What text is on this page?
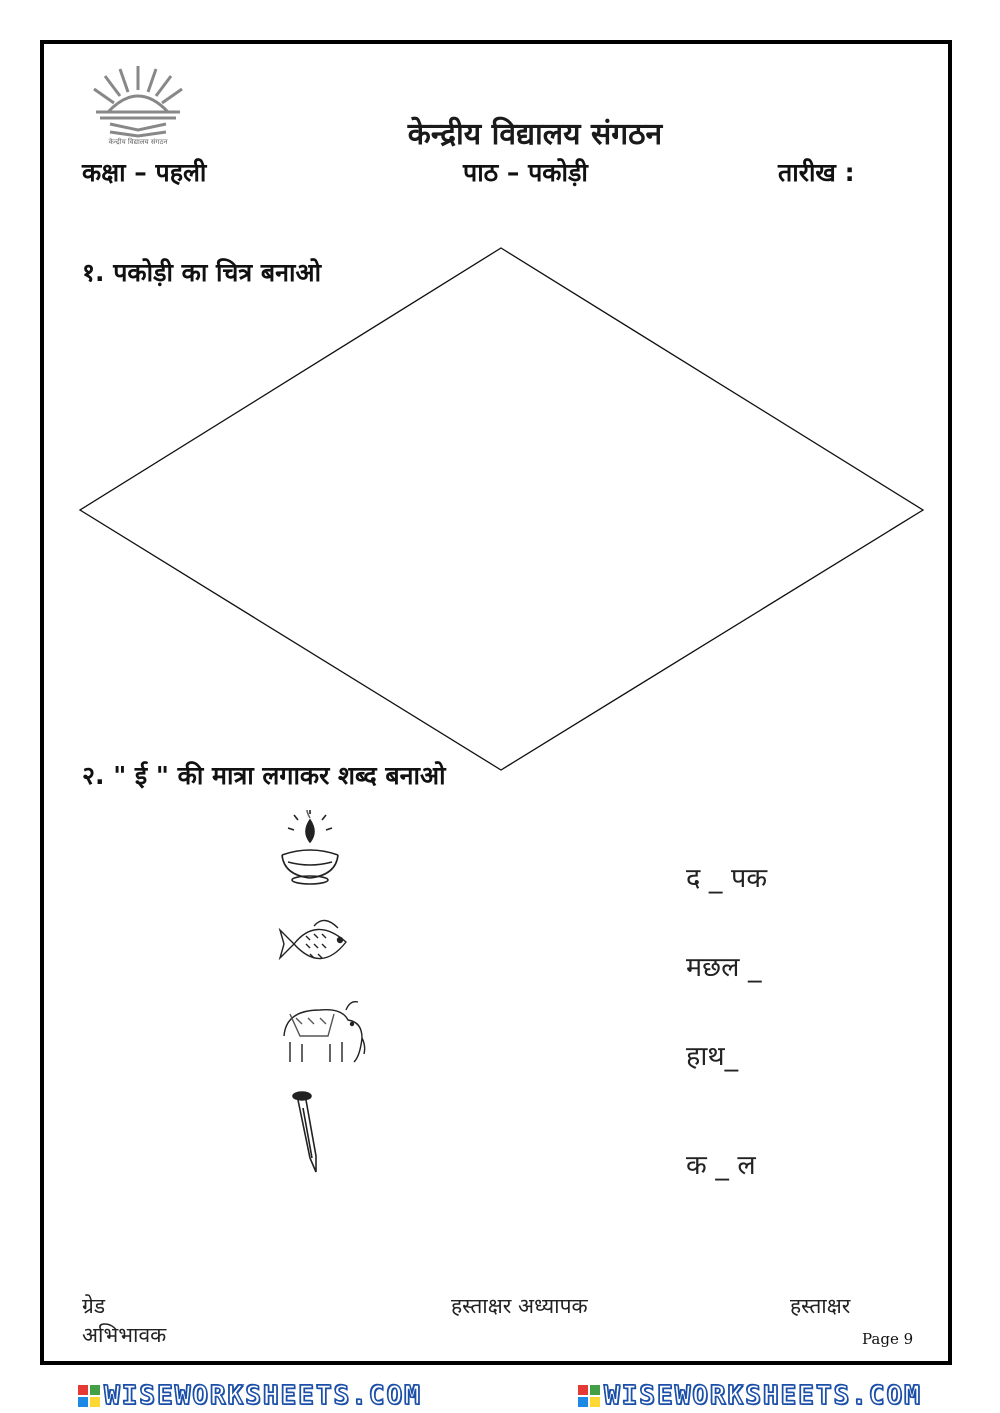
केन्द्रीय विद्यालय संगठन	केन्द्रीय विद्यालय संगठन
कक्षा – पहली	पाठ – पकोड़ी	तारीख :
१. पकोड़ी का चित्र बनाओ
२. " ई " की मात्रा लगाकर शब्द बनाओ
द _ पक
मछल _
हाथ_
क _ ल
ग्रेड
अभिभावक
हस्ताक्षर अध्यापक	हस्ताक्षर
Page 9
WISEWORKSHEETS.COM	WISEWORKSHEETS.COM
